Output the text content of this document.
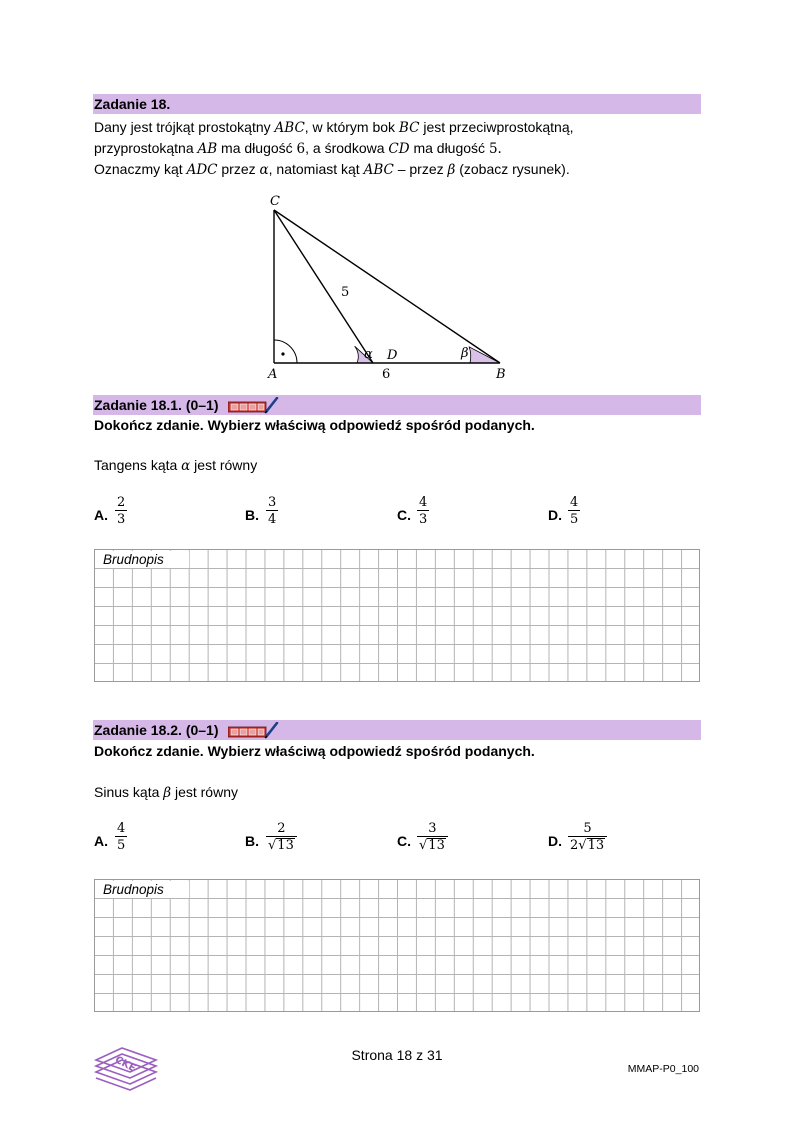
Zadanie 18.
Dany jest trójkąt prostokątny ABC, w którym bok BC jest przeciwprostokątną,
przyprostokątna AB ma długość 6, a środkowa CD ma długość 5.
Oznaczmy kąt ADC przez α, natomiast kąt ABC – przez β (zobacz rysunek).
C
A	B
D
α	β
5
6
Zadanie 18.1. (0–1)
Dokończ zdanie. Wybierz właściwą odpowiedź spośród podanych.
Tangens kąta α jest równy
A. $\frac{2}{3}$	B. $\frac{3}{4}$	C. $\frac{4}{3}$	D. $\frac{4}{5}$
Brudnopis
Zadanie 18.2. (0–1)
Dokończ zdanie. Wybierz właściwą odpowiedź spośród podanych.
Sinus kąta β jest równy
A. $\frac{4}{5}$	B. $\frac{2}{√13}$	C. $\frac{3}{√13}$	D. $\frac{5}{2√13}$
Brudnopis
CKE	Strona 18 z 31
MMAP-P0_100
